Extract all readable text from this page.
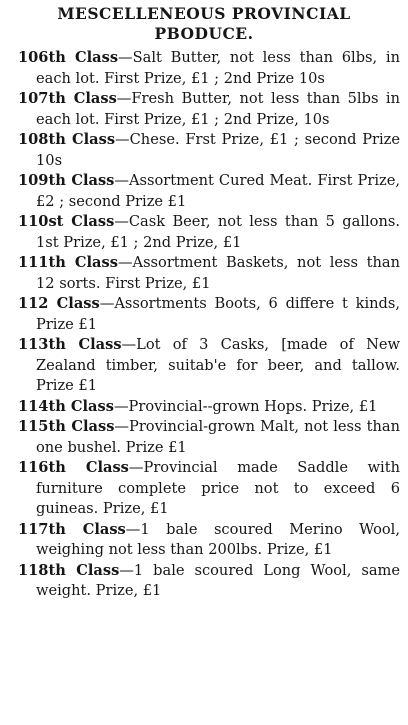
MESCELLENEOUS PROVINCIAL
PBODUCE.
106th Class—Salt Butter, not less than 6lbs, in each lot. First Prize, £1 ; 2nd Prize 10s
107th Class—Fresh Butter, not less than 5lbs in each lot. First Prize, £1 ; 2nd Prize, 10s
108th Class—Chese. Frst Prize, £1 ; second Prize 10s
109th Class—Assortment Cured Meat. First Prize, £2 ; second Prize £1
110st Class—Cask Beer, not less than 5 gallons. 1st Prize, £1 ; 2nd Prize, £1
111th Class—Assortment Baskets, not less than 12 sorts. First Prize, £1
112 Class—Assortments Boots, 6 differe t kinds, Prize £1
113th Class—Lot of 3 Casks, [made of New Zealand timber, suitab'e for beer, and tallow. Prize £1
114th Class—Provincial--grown Hops. Prize, £1
115th Class—Provincial-grown Malt, not less than one bushel. Prize £1
116th Class—Provincial made Saddle with furniture complete price not to exceed 6 guineas. Prize, £1
117th Class—1 bale scoured Merino Wool, weighing not less than 200lbs. Prize, £1
118th Class—1 bale scoured Long Wool, same weight. Prize, £1
